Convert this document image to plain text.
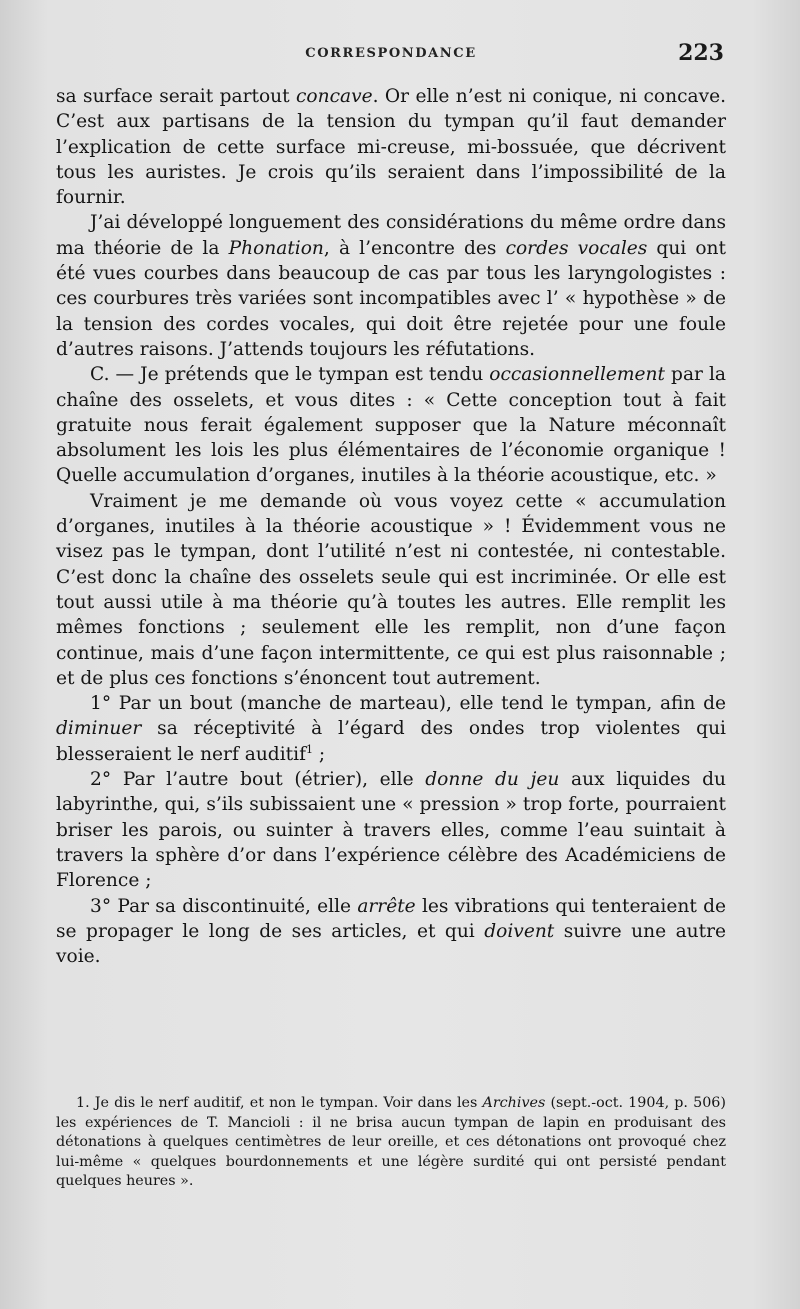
CORRESPONDANCE	223

sa surface serait partout concave. Or elle n’est ni conique, ni concave. C’est aux partisans de la tension du tympan qu’il faut demander l’explication de cette surface mi-creuse, mi-bossuée, que décrivent tous les auristes. Je crois qu’ils seraient dans l’impossibilité de la fournir.

J’ai développé longuement des considérations du même ordre dans ma théorie de la Phonation, à l’encontre des cordes vocales qui ont été vues courbes dans beaucoup de cas par tous les laryngologistes : ces courbures très variées sont incompatibles avec l’ « hypothèse » de la tension des cordes vocales, qui doit être rejetée pour une foule d’autres raisons. J’attends toujours les réfutations.

C. — Je prétends que le tympan est tendu occasionnellement par la chaîne des osselets, et vous dites : « Cette conception tout à fait gratuite nous ferait également supposer que la Nature méconnaît absolument les lois les plus élémentaires de l’économie organique ! Quelle accumulation d’organes, inutiles à la théorie acoustique, etc. »

Vraiment je me demande où vous voyez cette « accumulation d’organes, inutiles à la théorie acoustique » ! Évidemment vous ne visez pas le tympan, dont l’utilité n’est ni contestée, ni contestable. C’est donc la chaîne des osselets seule qui est incriminée. Or elle est tout aussi utile à ma théorie qu’à toutes les autres. Elle remplit les mêmes fonctions ; seulement elle les remplit, non d’une façon continue, mais d’une façon intermittente, ce qui est plus raisonnable ; et de plus ces fonctions s’énoncent tout autrement.

1° Par un bout (manche de marteau), elle tend le tympan, afin de diminuer sa réceptivité à l’égard des ondes trop violentes qui blesseraient le nerf auditif$^1$ ;

2° Par l’autre bout (étrier), elle donne du jeu aux liquides du labyrinthe, qui, s’ils subissaient une « pression » trop forte, pourraient briser les parois, ou suinter à travers elles, comme l’eau suintait à travers la sphère d’or dans l’expérience célèbre des Académiciens de Florence ;

3° Par sa discontinuité, elle arrête les vibrations qui tenteraient de se propager le long de ses articles, et qui doivent suivre une autre voie.

1. Je dis le nerf auditif, et non le tympan. Voir dans les Archives (sept.-oct. 1904, p. 506) les expériences de T. Mancioli : il ne brisa aucun tympan de lapin en produisant des détonations à quelques centimètres de leur oreille, et ces détonations ont provoqué chez lui-même « quelques bourdonnements et une légère surdité qui ont persisté pendant quelques heures ».
